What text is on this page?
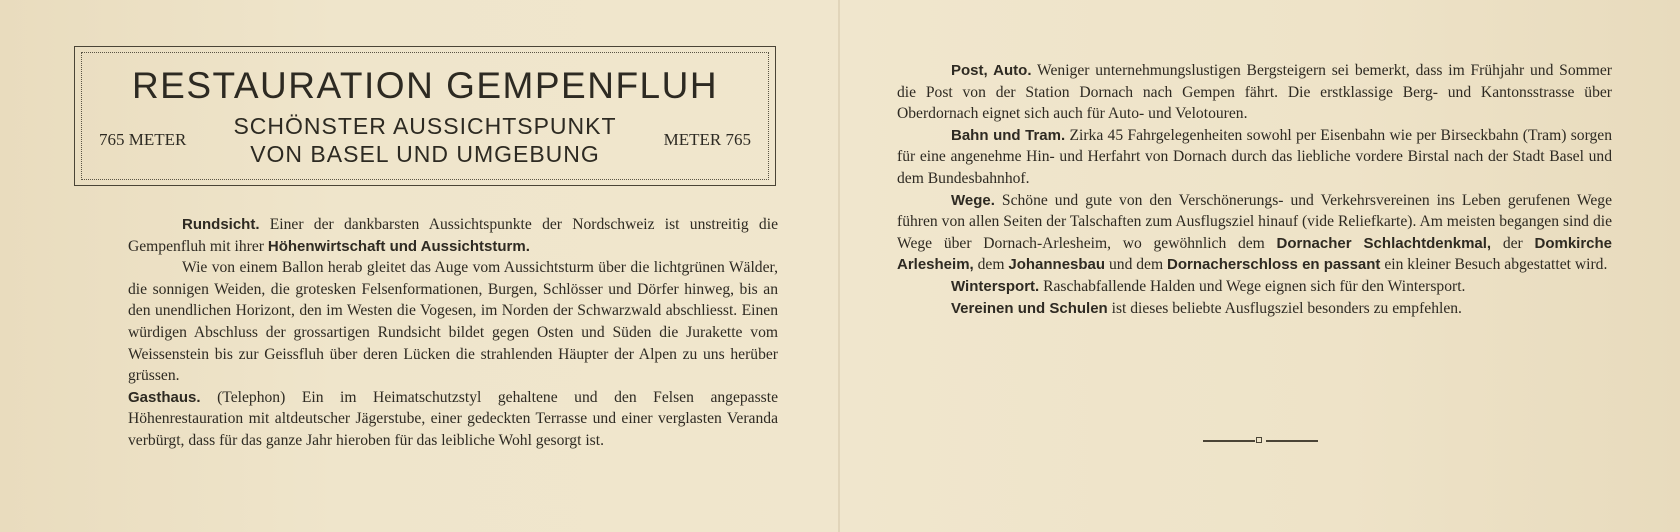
RESTAURATION GEMPENFLUH
765 METER
SCHÖNSTER AUSSICHTSPUNKT
VON BASEL UND UMGEBUNG
METER 765

Rundsicht. Einer der dankbarsten Aussichtspunkte der Nordschweiz ist unstreitig die Gempenfluh mit ihrer Höhenwirtschaft und Aussichtsturm.

Wie von einem Ballon herab gleitet das Auge vom Aussichtsturm über die lichtgrünen Wälder, die sonnigen Weiden, die grotesken Felsenformationen, Burgen, Schlösser und Dörfer hinweg, bis an den unendlichen Horizont, den im Westen die Vogesen, im Norden der Schwarzwald abschliesst. Einen würdigen Abschluss der grossartigen Rundsicht bildet gegen Osten und Süden die Jurakette vom Weissenstein bis zur Geissfluh über deren Lücken die strahlenden Häupter der Alpen zu uns herüber grüssen.

Gasthaus. (Telephon) Ein im Heimatschutzstyl gehaltene und den Felsen angepasste Höhenrestauration mit altdeutscher Jägerstube, einer gedeckten Terrasse und einer verglasten Veranda verbürgt, dass für das ganze Jahr hieroben für das leibliche Wohl gesorgt ist.

Post, Auto. Weniger unternehmungslustigen Bergsteigern sei bemerkt, dass im Frühjahr und Sommer die Post von der Station Dornach nach Gempen fährt. Die erstklassige Berg- und Kantonsstrasse über Oberdornach eignet sich auch für Auto- und Velotouren.

Bahn und Tram. Zirka 45 Fahrgelegenheiten sowohl per Eisenbahn wie per Birseckbahn (Tram) sorgen für eine angenehme Hin- und Herfahrt von Dornach durch das liebliche vordere Birstal nach der Stadt Basel und dem Bundesbahnhof.

Wege. Schöne und gute von den Verschönerungs- und Verkehrsvereinen ins Leben gerufenen Wege führen von allen Seiten der Talschaften zum Ausflugsziel hinauf (vide Reliefkarte). Am meisten begangen sind die Wege über Dornach-Arlesheim, wo gewöhnlich dem Dornacher Schlachtdenkmal, der Domkirche Arlesheim, dem Johannesbau und dem Dornacherschloss en passant ein kleiner Besuch abgestattet wird.

Wintersport. Raschabfallende Halden und Wege eignen sich für den Wintersport.

Vereinen und Schulen ist dieses beliebte Ausflugsziel besonders zu empfehlen.
